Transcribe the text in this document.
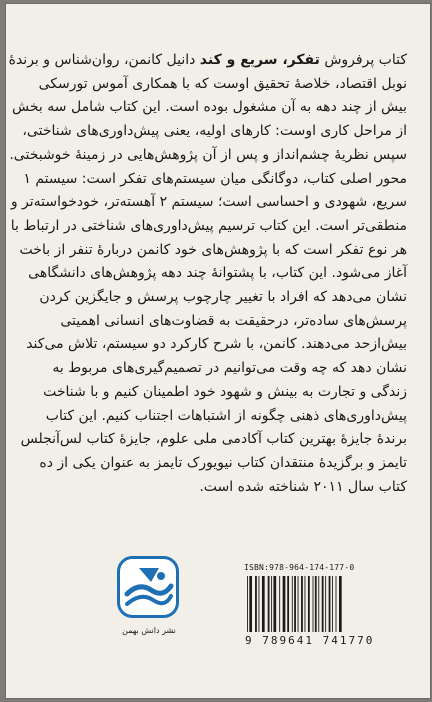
کتاب پرفروش تفکر، سریع و کند دانیل کانمن، روان‌شناس و برندهٔ
نوبل اقتصاد، خلاصهٔ تحقیق اوست که با همکاری آموس تورسکی
بیش از چند دهه به آن مشغول بوده است. این کتاب شامل سه بخش
از مراحل کاری اوست: کارهای اولیه، یعنی پیش‌داوری‌های شناختی،
سپس نظریهٔ چشم‌انداز و پس از آن پژوهش‌هایی در زمینهٔ خوشبختی.
محور اصلی کتاب، دوگانگی میان سیستم‌های تفکر است: سیستم ۱
سریع، شهودی و احساسی است؛ سیستم ۲ آهسته‌تر، خودخواسته‌تر و
منطقی‌تر است. این کتاب ترسیم پیش‌داوری‌های شناختی در ارتباط با
هر نوع تفکر است که با پژوهش‌های خود کانمن دربارهٔ تنفر از باخت
آغاز می‌شود. این کتاب، با پشتوانهٔ چند دهه پژوهش‌های دانشگاهی
نشان می‌دهد که افراد با تغییر چارچوب پرسش و جایگزین کردن
پرسش‌های ساده‌تر، درحقیقت به قضاوت‌های انسانی اهمیتی
بیش‌ازحد می‌دهند. کانمن، با شرح کارکرد دو سیستم، تلاش می‌کند
نشان دهد که چه وقت می‌توانیم در تصمیم‌گیری‌های مربوط به
زندگی و تجارت به بینش و شهود خود اطمینان کنیم و با شناخت
پیش‌داوری‌های ذهنی چگونه از اشتباهات اجتناب کنیم. این کتاب
برندهٔ جایزهٔ بهترین کتاب آکادمی ملی علوم، جایزهٔ کتاب لس‌آنجلس
تایمز و برگزیدهٔ منتقدان کتاب نیویورک تایمز به عنوان یکی از ده
کتاب سال ۲۰۱۱ شناخته شده است.
نشر دانش بهمن
ISBN:978-964-174-177-0
9 789641 741770
